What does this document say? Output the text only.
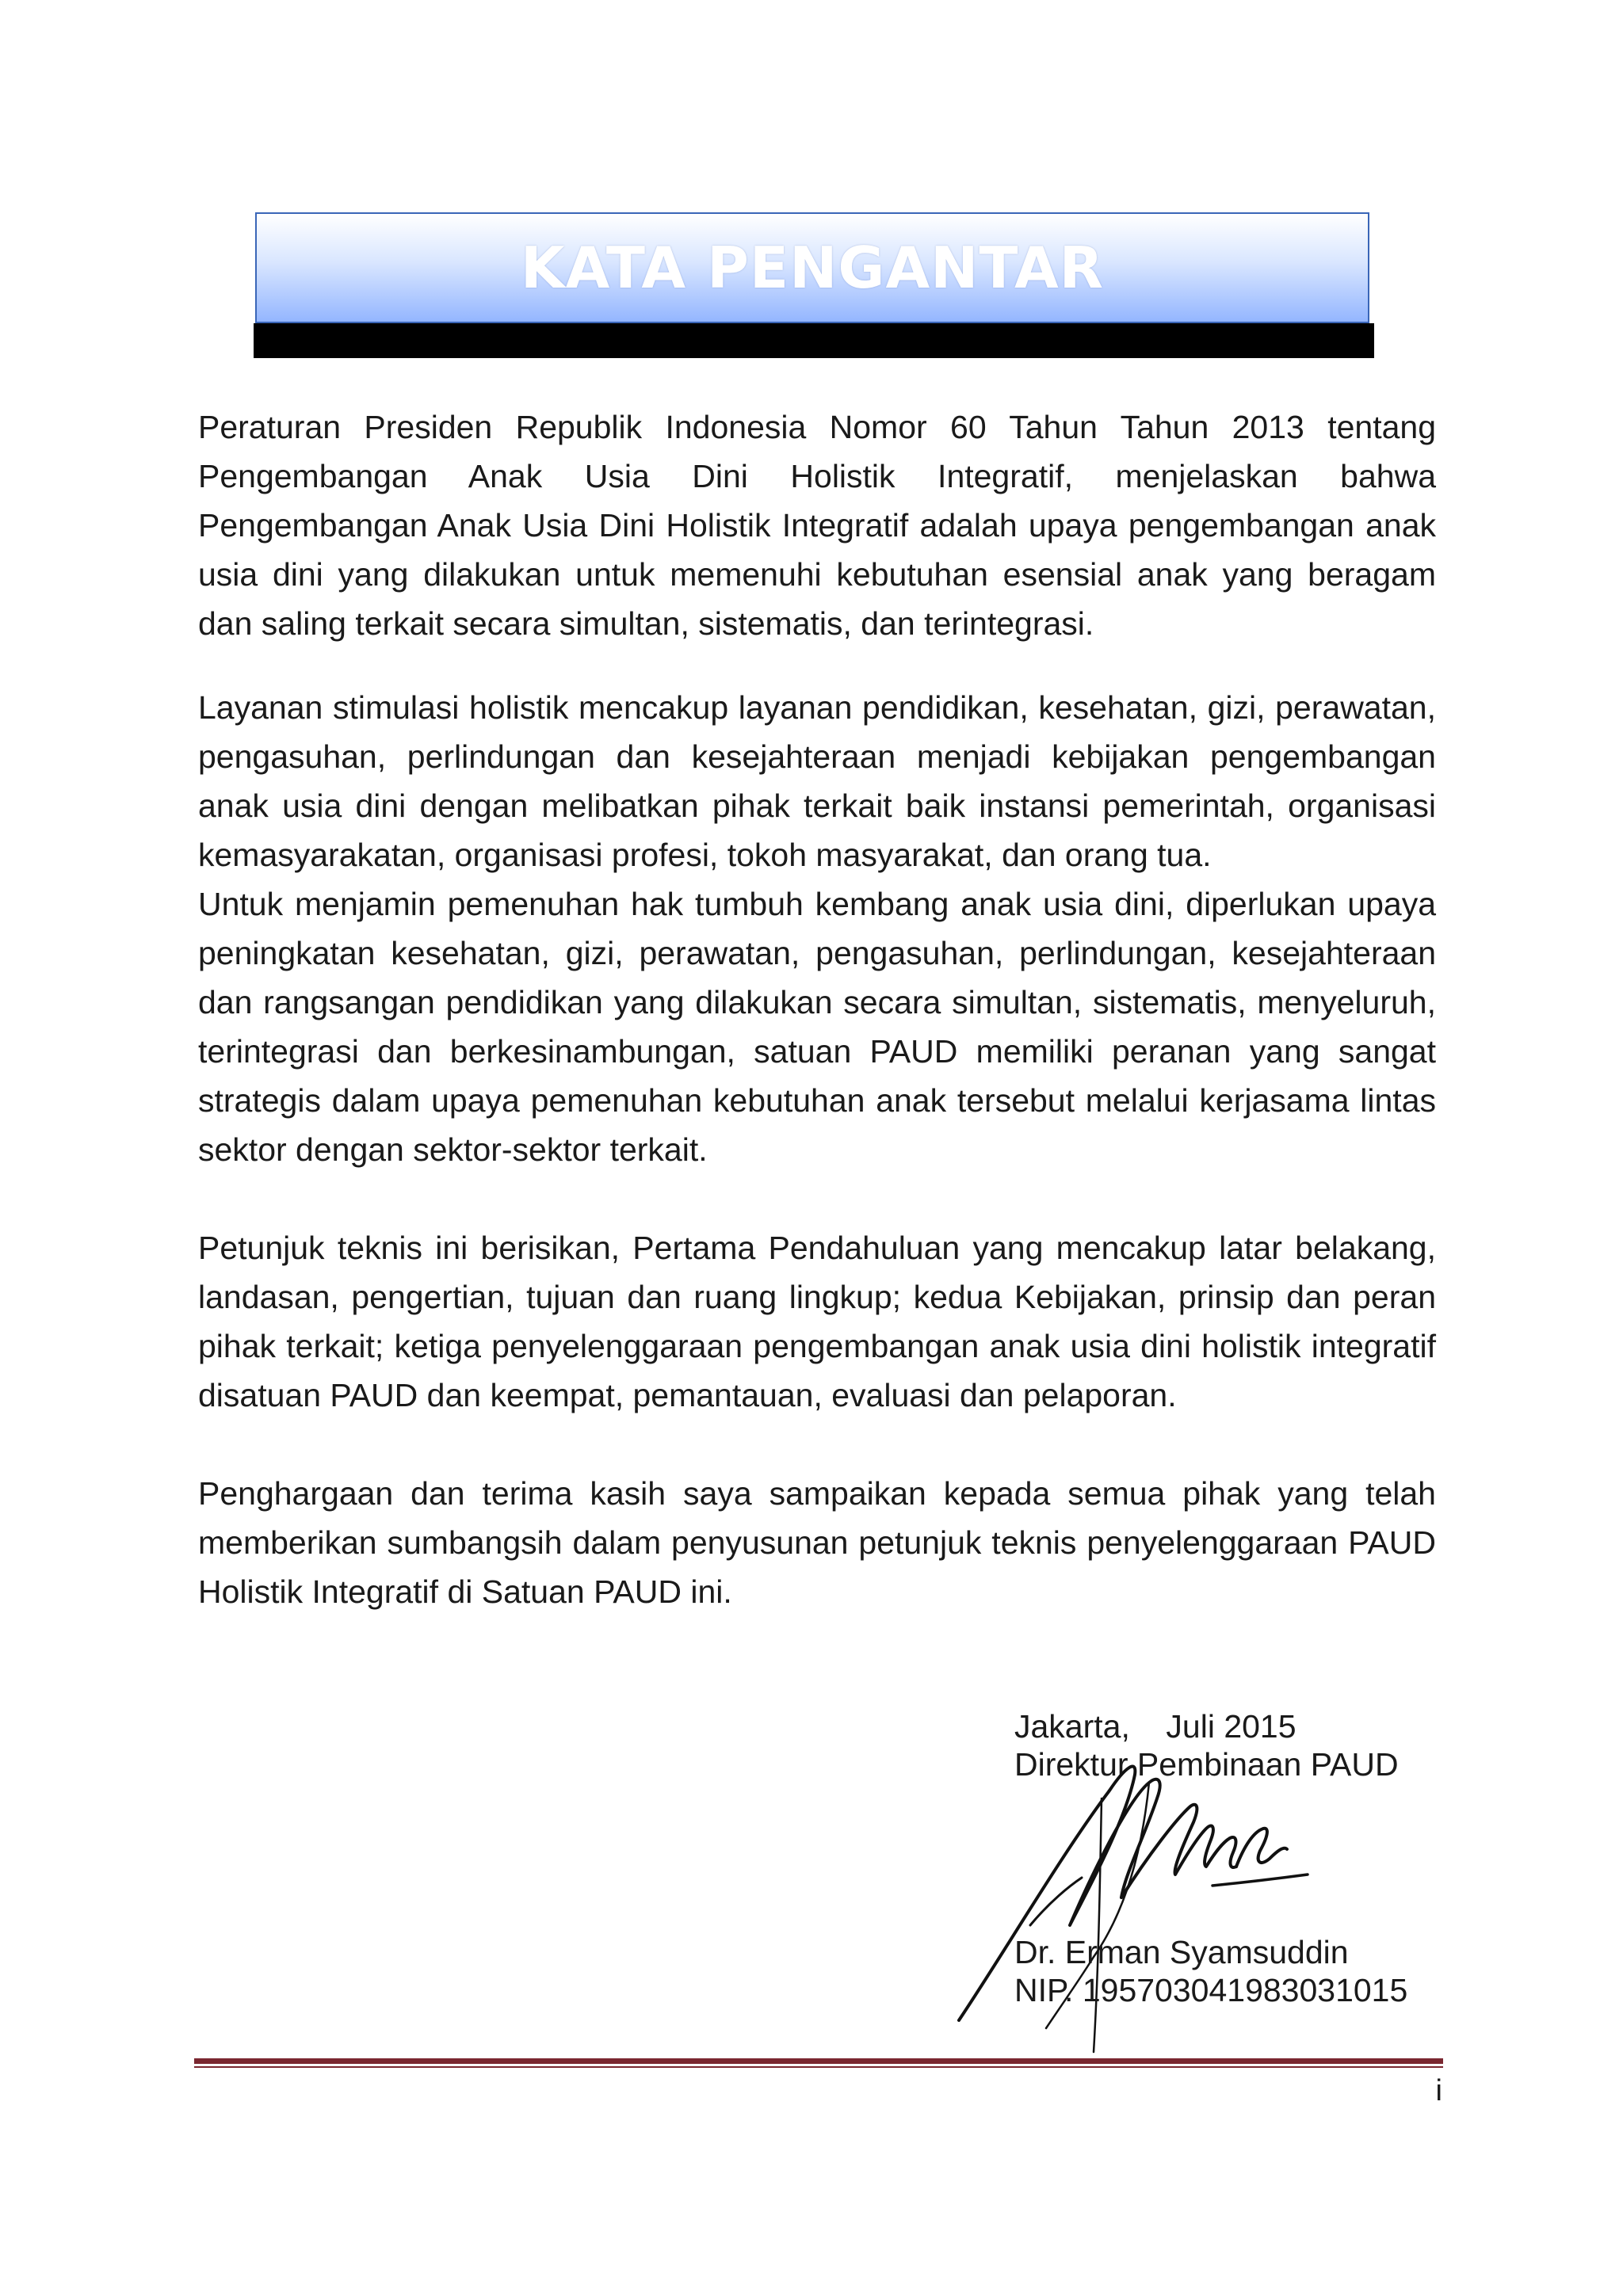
KATA PENGANTAR

Peraturan Presiden Republik Indonesia Nomor 60 Tahun Tahun 2013 tentang Pengembangan Anak Usia Dini Holistik Integratif, menjelaskan bahwa Pengembangan Anak Usia Dini Holistik Integratif adalah upaya pengembangan anak usia dini yang dilakukan untuk memenuhi kebutuhan esensial anak yang beragam dan saling terkait secara simultan, sistematis, dan terintegrasi.

Layanan stimulasi holistik mencakup layanan pendidikan, kesehatan, gizi, perawatan, pengasuhan, perlindungan dan kesejahteraan menjadi kebijakan pengembangan anak usia dini dengan melibatkan pihak terkait baik instansi pemerintah, organisasi kemasyarakatan, organisasi profesi, tokoh masyarakat, dan orang tua.

Untuk menjamin pemenuhan hak tumbuh kembang anak usia dini, diperlukan upaya peningkatan kesehatan, gizi, perawatan, pengasuhan, perlindungan, kesejahteraan dan rangsangan pendidikan yang dilakukan secara simultan, sistematis, menyeluruh, terintegrasi dan berkesinambungan, satuan PAUD memiliki peranan yang sangat strategis dalam upaya pemenuhan kebutuhan anak tersebut melalui kerjasama lintas sektor dengan sektor-sektor terkait.

Petunjuk teknis ini berisikan, Pertama Pendahuluan yang mencakup latar belakang, landasan, pengertian, tujuan dan ruang lingkup; kedua Kebijakan, prinsip dan peran pihak terkait; ketiga penyelenggaraan pengembangan anak usia dini holistik integratif disatuan PAUD dan keempat, pemantauan, evaluasi dan pelaporan.

Penghargaan dan terima kasih saya sampaikan kepada semua pihak yang telah memberikan sumbangsih dalam penyusunan petunjuk teknis penyelenggaraan PAUD Holistik Integratif di Satuan PAUD ini.

Jakarta,    Juli 2015
Direktur Pembinaan PAUD
Dr. Erman Syamsuddin
NIP. 195703041983031015
i
